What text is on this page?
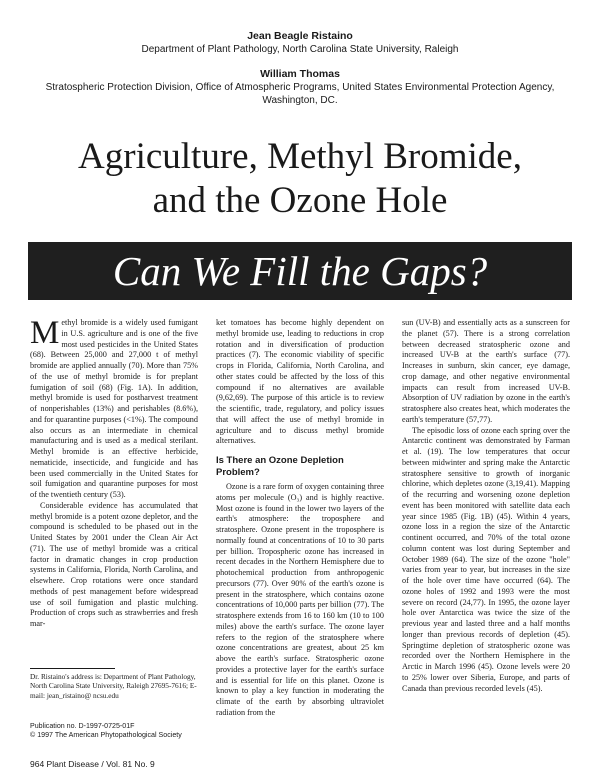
Jean Beagle Ristaino
Department of Plant Pathology, North Carolina State University, Raleigh
William Thomas
Stratospheric Protection Division, Office of Atmospheric Programs, United States Environmental Protection Agency, Washington, DC.
Agriculture, Methyl Bromide,
and the Ozone Hole
Can We Fill the Gaps?

Methyl bromide is a widely used fumigant in U.S. agriculture and is one of the five most used pesticides in the United States (68). Between 25,000 and 27,000 t of methyl bromide are applied annually (70). More than 75% of the use of methyl bromide is for preplant fumigation of soil (68) (Fig. 1A). In addition, methyl bromide is used for postharvest treatment of nonperishables (13%) and perishables (8.6%), and for quarantine purposes (<1%). The compound also occurs as an intermediate in chemical manufacturing and is used as a medical sterilant. Methyl bromide is an effective herbicide, nematicide, insecticide, and fungicide and has been used commercially in the United States for soil fumigation and quarantine purposes for most of the twentieth century (53).

Considerable evidence has accumulated that methyl bromide is a potent ozone depletor, and the compound is scheduled to be phased out in the United States by 2001 under the Clean Air Act (71). The use of methyl bromide was a critical factor in dramatic changes in crop production systems in California, Florida, North Carolina, and elsewhere. Crop rotations were once standard methods of pest management before widespread use of soil fumigation and plastic mulching. Production of crops such as strawberries and fresh mar-

Dr. Ristaino's address is: Department of Plant Pathology, North Carolina State University, Raleigh 27695-7616; E-mail: jean_ristaino@ ncsu.edu
Publication no. D-1997-0725-01F
© 1997 The American Phytopathological Society

ket tomatoes has become highly dependent on methyl bromide use, leading to reductions in crop rotation and in diversification of production practices (7). The economic viability of specific crops in Florida, California, North Carolina, and other states could be affected by the loss of this compound if no alternatives are available (9,62,69). The purpose of this article is to review the scientific, trade, regulatory, and policy issues that will affect the use of methyl bromide in agriculture and to discuss methyl bromide alternatives.

Is There an Ozone Depletion Problem?

Ozone is a rare form of oxygen containing three atoms per molecule (O₃) and is highly reactive. Most ozone is found in the lower two layers of the earth's atmosphere: the troposphere and stratosphere. Ozone present in the troposphere is normally found at concentrations of 10 to 30 parts per billion. Tropospheric ozone has increased in recent decades in the Northern Hemisphere due to photochemical production from anthropogenic precursors (77). Over 90% of the earth's ozone is present in the stratosphere, which contains ozone concentrations of 10,000 parts per billion (77). The stratosphere extends from 16 to 160 km (10 to 100 miles) above the earth's surface. The ozone layer refers to the region of the stratosphere where ozone concentrations are greatest, about 25 km above the earth's surface. Stratospheric ozone provides a protective layer for the earth's surface and is essential for life on this planet. Ozone is known to play a key function in moderating the climate of the earth by absorbing ultraviolet radiation from the

sun (UV-B) and essentially acts as a sunscreen for the planet (57). There is a strong correlation between decreased stratospheric ozone and increased UV-B at the earth's surface (77). Increases in sunburn, skin cancer, eye damage, crop damage, and other negative environmental impacts can result from increased UV-B. Absorption of UV radiation by ozone in the earth's stratosphere also creates heat, which moderates the earth's temperature (57,77).

The episodic loss of ozone each spring over the Antarctic continent was demonstrated by Farman et al. (19). The low temperatures that occur between midwinter and spring make the Antarctic stratosphere sensitive to growth of inorganic chlorine, which depletes ozone (3,19,41). Mapping of the recurring and worsening ozone depletion event has been monitored with satellite data each year since 1985 (Fig. 1B) (45). Within 4 years, ozone loss in a region the size of the Antarctic continent occurred, and 70% of the total ozone column content was lost during September and October 1989 (64). The size of the ozone "hole" varies from year to year, but increases in the size of the hole over time have occurred (64). The ozone holes of 1992 and 1993 were the most severe on record (24,77). In 1995, the ozone layer hole over Antarctica was twice the size of the previous year and lasted three and a half months longer than previous records of depletion (45). Springtime depletion of stratospheric ozone was recorded over the Northern Hemisphere in the Arctic in March 1996 (45). Ozone levels were 20 to 25% lower over Siberia, Europe, and parts of Canada than previous recorded levels (45).

964 Plant Disease / Vol. 81 No. 9
